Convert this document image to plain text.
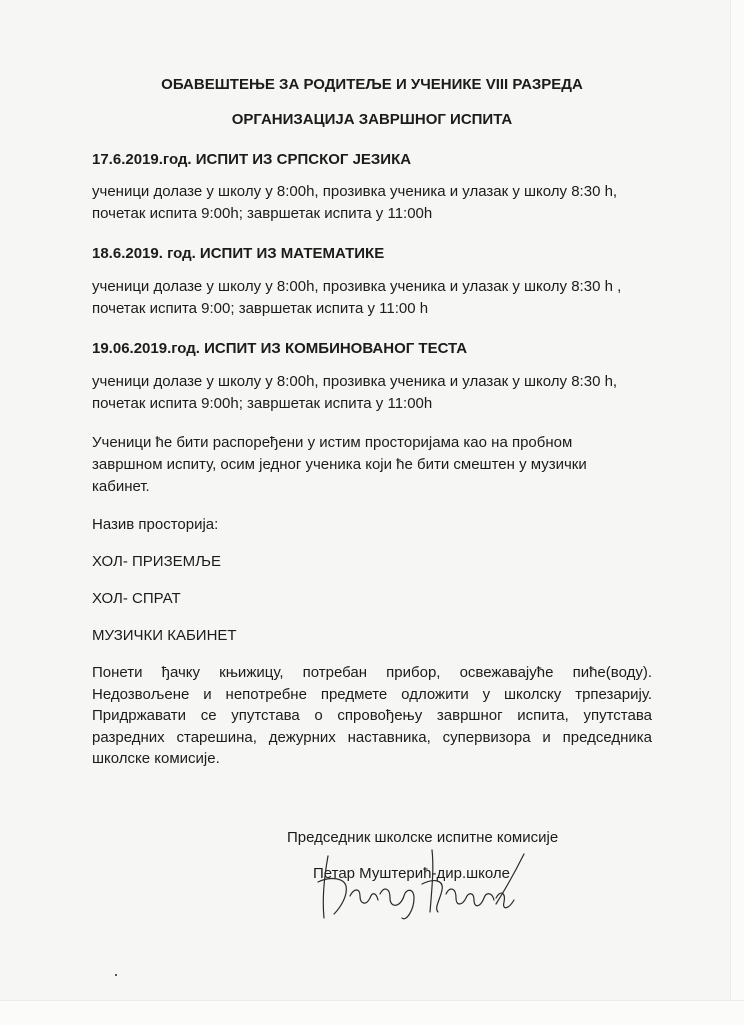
ОБАВЕШТЕЊЕ ЗА РОДИТЕЉЕ И УЧЕНИКЕ VIII РАЗРЕДА
ОРГАНИЗАЦИЈА ЗАВРШНОГ ИСПИТА
17.6.2019.год. ИСПИТ ИЗ СРПСКОГ ЈЕЗИКА
ученици долазе у школу у 8:00h, прозивка ученика и улазак у школу 8:30 h,
почетак испита 9:00h; завршетак испита у 11:00h
18.6.2019. год. ИСПИТ ИЗ МАТЕМАТИКЕ
ученици долазе у школу у 8:00h, прозивка ученика и улазак у школу 8:30 h ,
почетак испита 9:00; завршетак испита у 11:00 h
19.06.2019.год. ИСПИТ ИЗ КОМБИНОВАНОГ ТЕСТА
ученици долазе у школу у 8:00h, прозивка ученика и улазак у школу 8:30 h,
почетак испита 9:00h; завршетак испита у 11:00h
Ученици ће бити распоређени у истим просторијама као на пробном
завршном испиту, осим једног ученика који ће бити смештен у музички
кабинет.
Назив просторија:
ХОЛ- ПРИЗЕМЉЕ
ХОЛ- СПРАТ
МУЗИЧКИ КАБИНЕТ
Понети ђачку књижицу, потребан прибор, освежавајуће пиће(воду). Недозвољене и непотребне предмете одложити у школску трпезарију. Придржавати се упутстава о спровођењу завршног испита, упутстава разредних старешина, дежурних наставника, супервизора и председника школске комисије.
Председник школске испитне комисије
Петар Муштерић-дир.школе
